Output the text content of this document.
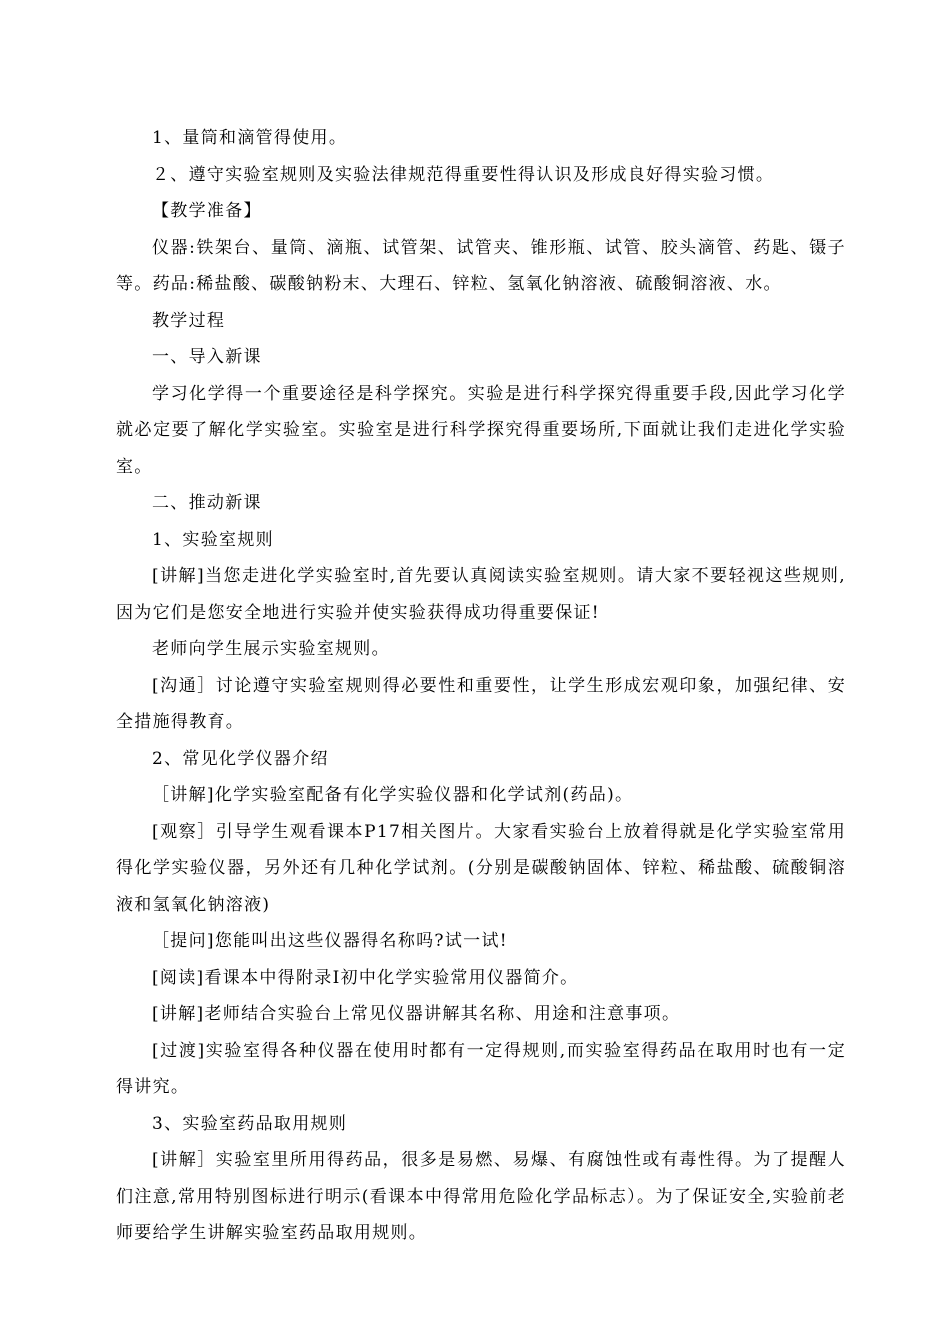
1、量筒和滴管得使用。

２、遵守实验室规则及实验法律规范得重要性得认识及形成良好得实验习惯。

【教学准备】

仪器:铁架台、量筒、滴瓶、试管架、试管夹、锥形瓶、试管、胶头滴管、药匙、镊子等。药品:稀盐酸、碳酸钠粉末、大理石、锌粒、氢氧化钠溶液、硫酸铜溶液、水。

教学过程

一、导入新课

学习化学得一个重要途径是科学探究。实验是进行科学探究得重要手段,因此学习化学就必定要了解化学实验室。实验室是进行科学探究得重要场所,下面就让我们走进化学实验室。

二、推动新课

1、实验室规则

[讲解]当您走进化学实验室时,首先要认真阅读实验室规则。请大家不要轻视这些规则,因为它们是您安全地进行实验并使实验获得成功得重要保证!

老师向学生展示实验室规则。

[沟通］讨论遵守实验室规则得必要性和重要性，让学生形成宏观印象，加强纪律、安全措施得教育。

2、常见化学仪器介绍

［讲解]化学实验室配备有化学实验仪器和化学试剂(药品)。

[观察］引导学生观看课本P17相关图片。大家看实验台上放着得就是化学实验室常用得化学实验仪器，另外还有几种化学试剂。(分别是碳酸钠固体、锌粒、稀盐酸、硫酸铜溶液和氢氧化钠溶液)

［提问]您能叫出这些仪器得名称吗?试一试!

[阅读]看课本中得附录Ⅰ初中化学实验常用仪器简介。

[讲解]老师结合实验台上常见仪器讲解其名称、用途和注意事项。

[过渡]实验室得各种仪器在使用时都有一定得规则,而实验室得药品在取用时也有一定得讲究。

3、实验室药品取用规则

[讲解］实验室里所用得药品，很多是易燃、易爆、有腐蚀性或有毒性得。为了提醒人们注意,常用特别图标进行明示(看课本中得常用危险化学品标志）。为了保证安全,实验前老师要给学生讲解实验室药品取用规则。
